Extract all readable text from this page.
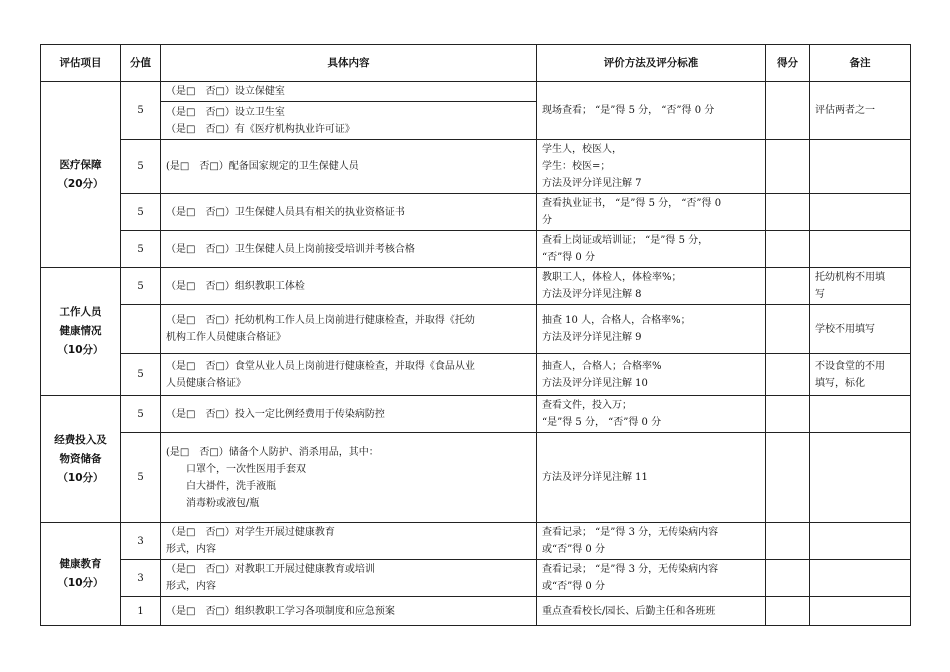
评估项目	分值	具体内容	评价方法及评分标准	得分	备注

医疗保障
（20分）	5	（是□　否□）设立保健室
（是□　否□）设立卫生室
（是□　否□）有《医疗机构执业许可证》	现场查看； “是”得 5 分， “否”得 0 分		评估两者之一

	5	(是□　否□）配备国家规定的卫生保健人员	学生人，校医人，
学生：校医=；
方法及评分详见注解 7		

	5	（是□　否□）卫生保健人员具有相关的执业资格证书	查看执业证书， “是”得 5 分， “否”得 0
分		

	5	（是□　否□）卫生保健人员上岗前接受培训并考核合格	查看上岗证或培训证； “是”得 5 分，
“否”得 0 分		

工作人员
健康情况
（10分）	5	（是□　否□）组织教职工体检	教职工人，体检人，体检率%；
方法及评分详见注解 8		托幼机构不用填
写

		（是□　否□）托幼机构工作人员上岗前进行健康检查，并取得《托幼
机构工作人员健康合格证》	抽查 10 人，合格人，合格率%；
方法及评分详见注解 9		学校不用填写

	5	（是□　否□）食堂从业人员上岗前进行健康检查，并取得《食品从业
人员健康合格证》	抽查人，合格人；合格率%
方法及评分详见注解 10		不设食堂的不用
填写，标化

经费投入及
物资储备
（10分）	5	（是□　否□）投入一定比例经费用于传染病防控	查看文件，投入万；
“是”得 5 分， “否”得 0 分		

	5	(是□　否□）储备个人防护、消杀用品，其中：
口罩个，一次性医用手套双
白大褂件，洗手液瓶
消毒粉或液包/瓶	方法及评分详见注解 11		

健康教育
（10分）	3	（是□　否□）对学生开展过健康教育
形式，内容	查看记录； “是”得 3 分，无传染病内容
或“否”得 0 分		

	3	（是□　否□）对教职工开展过健康教育或培训
形式，内容	查看记录； “是”得 3 分，无传染病内容
或“否”得 0 分		

	1	（是□　否□）组织教职工学习各项制度和应急预案	重点查看校长/园长、后勤主任和各班班		
